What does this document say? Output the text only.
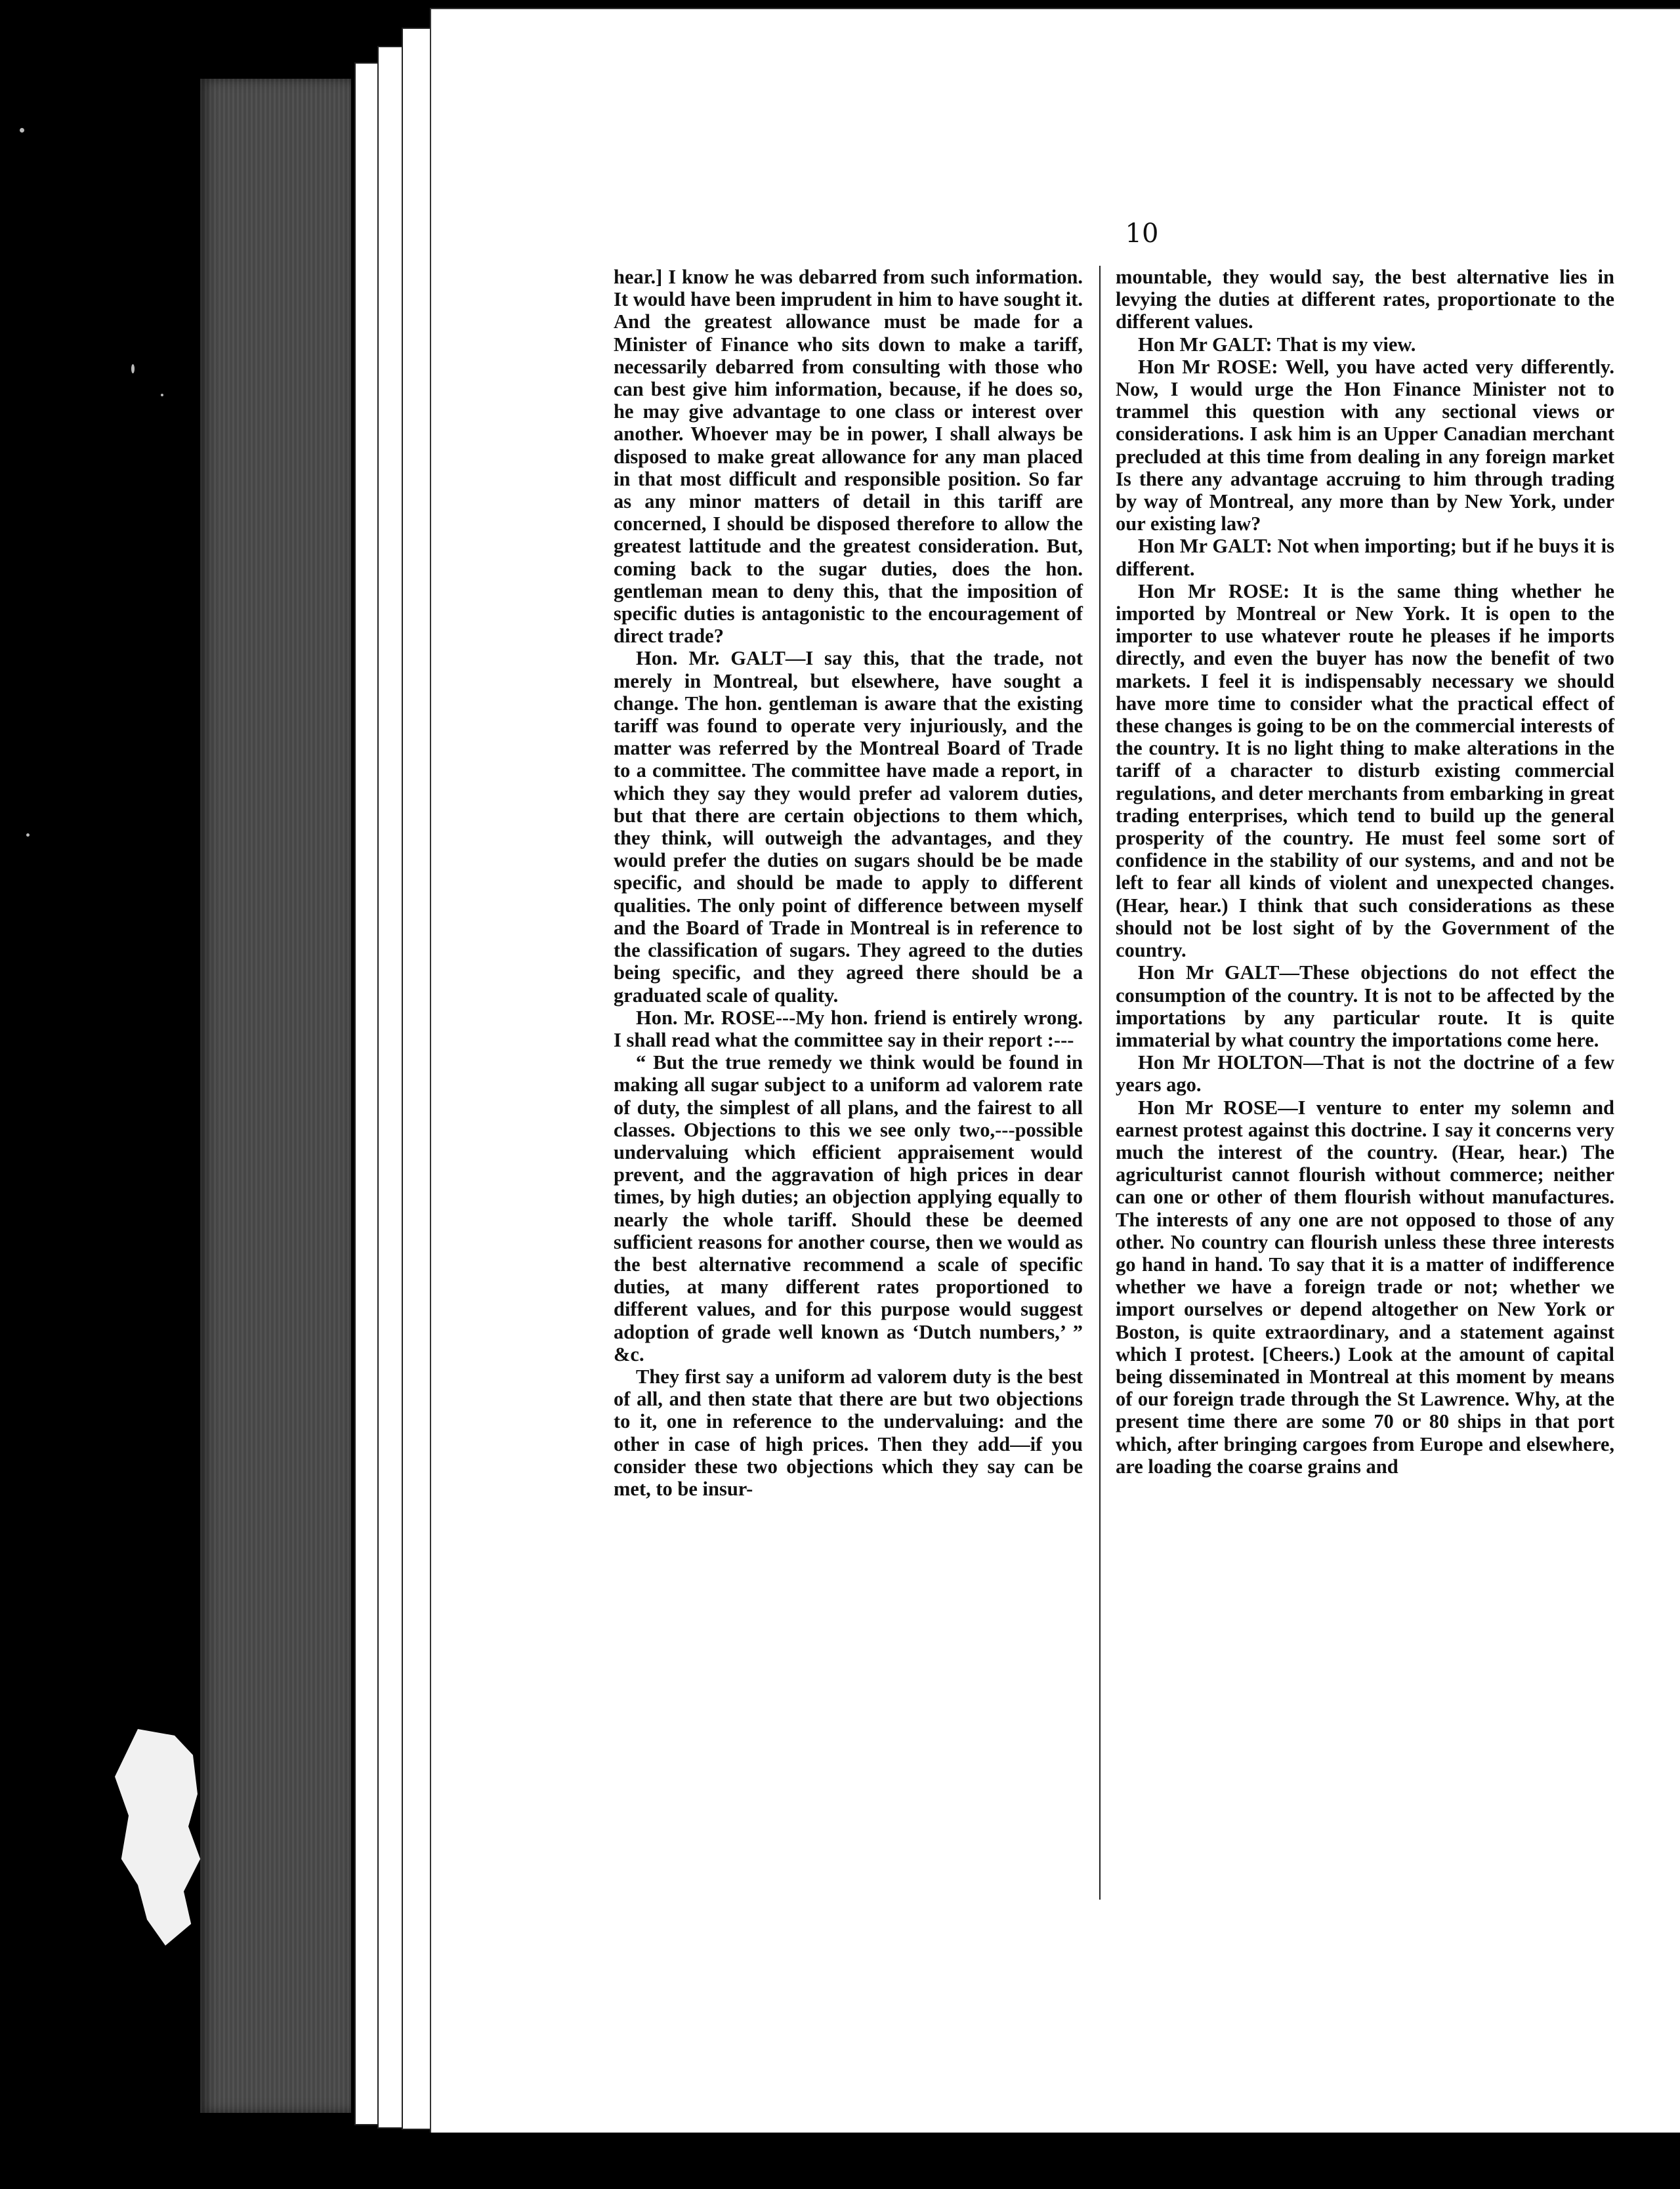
10

hear.] I know he was debarred from such information. It would have been imprudent in him to have sought it. And the greatest allowance must be made for a Minister of Finance who sits down to make a tariff, necessarily debarred from consulting with those who can best give him information, because, if he does so, he may give advantage to one class or interest over another. Whoever may be in power, I shall always be disposed to make great allowance for any man placed in that most difficult and responsible position. So far as any minor matters of detail in this tariff are concerned, I should be disposed therefore to allow the greatest lattitude and the greatest consideration. But, coming back to the sugar duties, does the hon. gentleman mean to deny this, that the imposition of specific duties is antagonistic to the encouragement of direct trade?

Hon. Mr. GALT—I say this, that the trade, not merely in Montreal, but elsewhere, have sought a change. The hon. gentleman is aware that the existing tariff was found to operate very injuriously, and the matter was referred by the Montreal Board of Trade to a committee. The committee have made a report, in which they say they would prefer ad valorem duties, but that there are certain objections to them which, they think, will outweigh the advantages, and they would prefer the duties on sugars should be be made specific, and should be made to apply to different qualities. The only point of difference between myself and the Board of Trade in Montreal is in reference to the classification of sugars. They agreed to the duties being specific, and they agreed there should be a graduated scale of quality.

Hon. Mr. ROSE---My hon. friend is entirely wrong. I shall read what the committee say in their report :---

“ But the true remedy we think would be found in making all sugar subject to a uniform ad valorem rate of duty, the simplest of all plans, and the fairest to all classes. Objections to this we see only two,---possible undervaluing which efficient appraisement would prevent, and the aggravation of high prices in dear times, by high duties; an objection applying equally to nearly the whole tariff. Should these be deemed sufficient reasons for another course, then we would as the best alternative recommend a scale of specific duties, at many different rates proportioned to different values, and for this purpose would suggest adoption of grade well known as ‘Dutch numbers,’ ” &c.

They first say a uniform ad valorem duty is the best of all, and then state that there are but two objections to it, one in reference to the undervaluing: and the other in case of high prices. Then they add—if you consider these two objections which they say can be met, to be insur-

mountable, they would say, the best alternative lies in levying the duties at different rates, proportionate to the different values.

Hon Mr GALT: That is my view.

Hon Mr ROSE: Well, you have acted very differently. Now, I would urge the Hon Finance Minister not to trammel this question with any sectional views or considerations. I ask him is an Upper Canadian merchant precluded at this time from dealing in any foreign market Is there any advantage accruing to him through trading by way of Montreal, any more than by New York, under our existing law?

Hon Mr GALT: Not when importing; but if he buys it is different.

Hon Mr ROSE: It is the same thing whether he imported by Montreal or New York. It is open to the importer to use whatever route he pleases if he imports directly, and even the buyer has now the benefit of two markets. I feel it is indispensably necessary we should have more time to consider what the practical effect of these changes is going to be on the commercial interests of the country. It is no light thing to make alterations in the tariff of a character to disturb existing commercial regulations, and deter merchants from embarking in great trading enterprises, which tend to build up the general prosperity of the country. He must feel some sort of confidence in the stability of our systems, and and not be left to fear all kinds of violent and unexpected changes. (Hear, hear.) I think that such considerations as these should not be lost sight of by the Government of the country.

Hon Mr GALT—These objections do not effect the consumption of the country. It is not to be affected by the importations by any particular route. It is quite immaterial by what country the importations come here.

Hon Mr HOLTON—That is not the doctrine of a few years ago.

Hon Mr ROSE—I venture to enter my solemn and earnest protest against this doctrine. I say it concerns very much the interest of the country. (Hear, hear.) The agriculturist cannot flourish without commerce; neither can one or other of them flourish without manufactures. The interests of any one are not opposed to those of any other. No country can flourish unless these three interests go hand in hand. To say that it is a matter of indifference whether we have a foreign trade or not; whether we import ourselves or depend altogether on New York or Boston, is quite extraordinary, and a statement against which I protest. [Cheers.) Look at the amount of capital being disseminated in Montreal at this moment by means of our foreign trade through the St Lawrence. Why, at the present time there are some 70 or 80 ships in that port which, after bringing cargoes from Europe and elsewhere, are loading the coarse grains and
